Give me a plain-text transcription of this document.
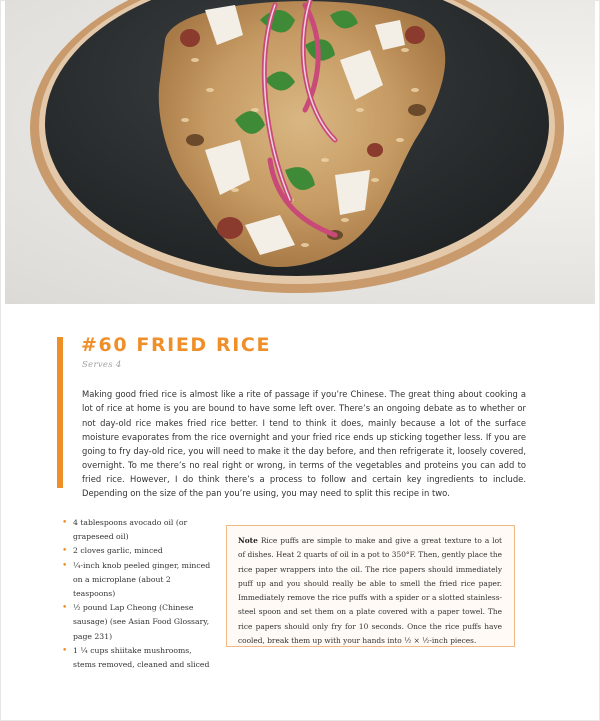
#60 FRIED RICE
Serves 4

Making good fried rice is almost like a rite of passage if you’re Chinese. The great thing about cooking a lot of rice at home is you are bound to have some left over. There’s an ongoing debate as to whether or not day-old rice makes fried rice better. I tend to think it does, mainly because a lot of the surface moisture evaporates from the rice overnight and your fried rice ends up sticking together less. If you are going to fry day-old rice, you will need to make it the day before, and then refrigerate it, loosely covered, overnight. To me there’s no real right or wrong, in terms of the vegetables and proteins you can add to fried rice. However, I do think there’s a process to follow and certain key ingredients to include. Depending on the size of the pan you’re using, you may need to split this recipe in two.

• 4 tablespoons avocado oil (or grapeseed oil)
• 2 cloves garlic, minced
• ¼-inch knob peeled ginger, minced on a microplane (about 2 teaspoons)
• ½ pound Lap Cheong (Chinese sausage) (see Asian Food Glossary, page 231)
• 1 ¼ cups shiitake mushrooms, stems removed, cleaned and sliced
Note Rice puffs are simple to make and give a great texture to a lot of dishes. Heat 2 quarts of oil in a pot to 350°F. Then, gently place the rice paper wrappers into the oil. The rice papers should immediately puff up and you should really be able to smell the fried rice paper. Immediately remove the rice puffs with a spider or a slotted stainless-steel spoon and set them on a plate covered with a paper towel. The rice papers should only fry for 10 seconds. Once the rice puffs have cooled, break them up with your hands into ½ × ½-inch pieces.
